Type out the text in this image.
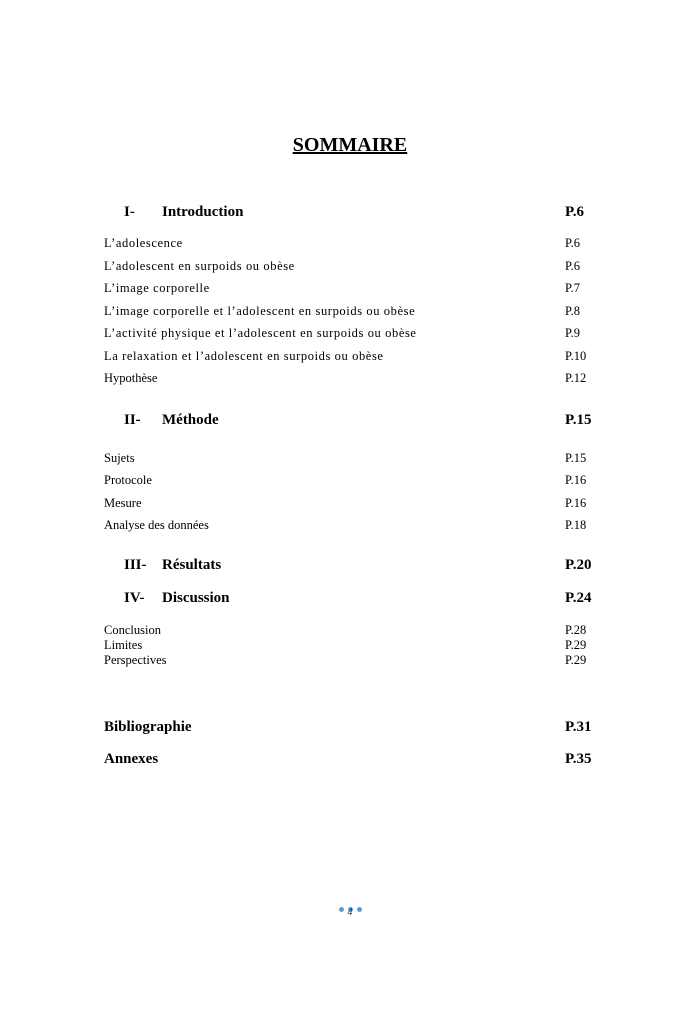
SOMMAIRE
I- Introduction	P.6
L’adolescence	P.6
L’adolescent en surpoids ou obèse	P.6
L’image corporelle	P.7
L’image corporelle et l’adolescent en surpoids ou obèse	P.8
L’activité physique et l’adolescent en surpoids ou obèse	P.9
La relaxation et l’adolescent en surpoids ou obèse	P.10
Hypothèse	P.12
II- Méthode	P.15
Sujets	P.15
Protocole	P.16
Mesure	P.16
Analyse des données	P.18
III- Résultats	P.20
IV- Discussion	P.24
Conclusion	P.28
Limites	P.29
Perspectives	P.29
Bibliographie	P.31
Annexes	P.35
4
